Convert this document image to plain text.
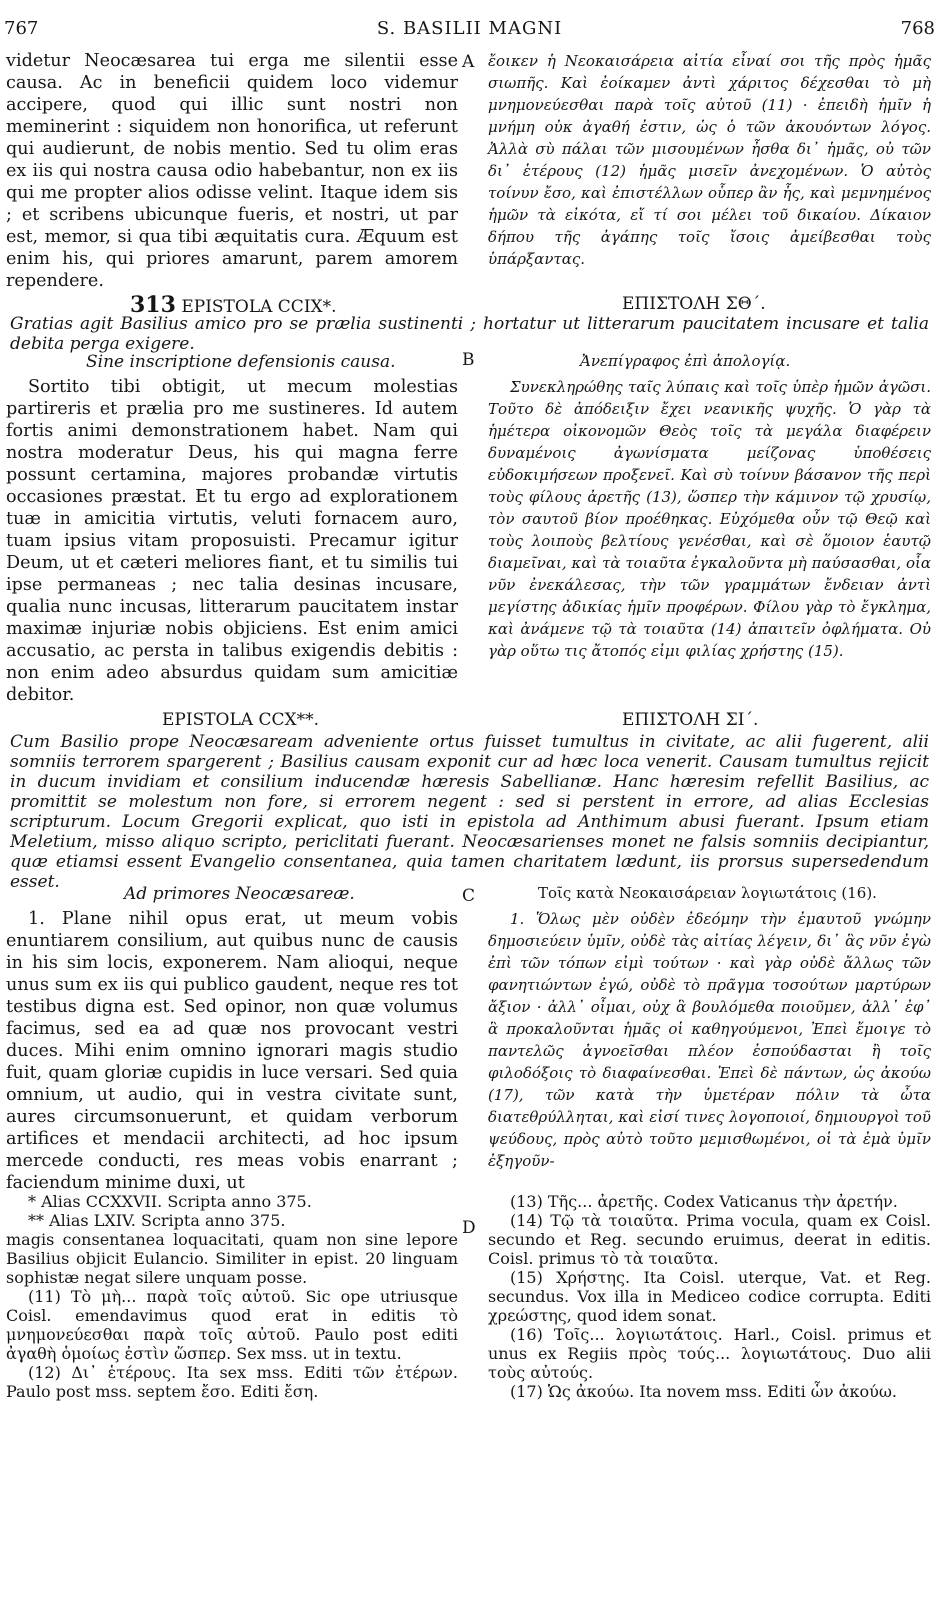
767	S. BASILII MAGNI	768
A
B
C
D

videtur Neocæsarea tui erga me silentii esse causa. Ac in beneficii quidem loco videmur accipere, quod qui illic sunt nostri non meminerint : siquidem non honorifica, ut referunt qui audierunt, de nobis mentio. Sed tu olim eras ex iis qui nostra causa odio habebantur, non ex iis qui me propter alios odisse velint. Itaque idem sis ; et scribens ubicunque fueris, et nostri, ut par est, memor, si qua tibi æquitatis cura. Æquum est enim his, qui priores amarunt, parem amorem rependere.

ἔοικεν ἡ Νεοκαισάρεια αἰτία εἶναί σοι τῆς πρὸς ἡμᾶς σιωπῆς. Καὶ ἐοίκαμεν ἀντὶ χάριτος δέχεσθαι τὸ μὴ μνημονεύεσθαι παρὰ τοῖς αὐτοῦ (11) · ἐπειδὴ ἡμῖν ἡ μνήμη οὐκ ἀγαθή ἐστιν, ὡς ὁ τῶν ἀκουόντων λόγος. Ἀλλὰ σὺ πάλαι τῶν μισουμένων ἦσθα δι᾽ ἡμᾶς, οὐ τῶν δι᾽ ἑτέρους (12) ἡμᾶς μισεῖν ἀνεχομένων. Ὁ αὐτὸς τοίνυν ἔσο, καὶ ἐπιστέλλων οὗπερ ἂν ἧς, καὶ μεμνημένος ἡμῶν τὰ εἰκότα, εἴ τί σοι μέλει τοῦ δικαίου. Δίκαιον δήπου τῆς ἀγάπης τοῖς ἴσοις ἀμείβεσθαι τοὺς ὑπάρξαντας.

313 EPISTOLA CCIX*.	ΕΠΙΣΤΟΛΗ ΣΘ΄.
Gratias agit Basilius amico pro se prælia sustinenti ; hortatur ut litterarum paucitatem incusare et talia debita perga exigere.
Sine inscriptione defensionis causa.	Ἀνεπίγραφος ἐπὶ ἀπολογίᾳ.

Sortito tibi obtigit, ut mecum molestias partireris et prælia pro me sustineres. Id autem fortis animi demonstrationem habet. Nam qui nostra moderatur Deus, his qui magna ferre possunt certamina, majores probandæ virtutis occasiones præstat. Et tu ergo ad explorationem tuæ in amicitia virtutis, veluti fornacem auro, tuam ipsius vitam proposuisti. Precamur igitur Deum, ut et cæteri meliores fiant, et tu similis tui ipse permaneas ; nec talia desinas incusare, qualia nunc incusas, litterarum paucitatem instar maximæ injuriæ nobis objiciens. Est enim amici accusatio, ac persta in talibus exigendis debitis : non enim adeo absurdus quidam sum amicitiæ debitor.

Συνεκληρώθης ταῖς λύπαις καὶ τοῖς ὑπὲρ ἡμῶν ἀγῶσι. Τοῦτο δὲ ἀπόδειξιν ἔχει νεανικῆς ψυχῆς. Ὁ γὰρ τὰ ἡμέτερα οἰκονομῶν Θεὸς τοῖς τὰ μεγάλα διαφέρειν δυναμένοις ἀγωνίσματα μείζονας ὑποθέσεις εὐδοκιμήσεων προξενεῖ. Καὶ σὺ τοίνυν βάσανον τῆς περὶ τοὺς φίλους ἀρετῆς (13), ὥσπερ τὴν κάμινον τῷ χρυσίῳ, τὸν σαυτοῦ βίον προέθηκας. Εὐχόμεθα οὖν τῷ Θεῷ καὶ τοὺς λοιποὺς βελτίους γενέσθαι, καὶ σὲ ὅμοιον ἑαυτῷ διαμεῖναι, καὶ τὰ τοιαῦτα ἐγκαλοῦντα μὴ παύσασθαι, οἷα νῦν ἐνεκάλεσας, τὴν τῶν γραμμάτων ἔνδειαν ἀντὶ μεγίστης ἀδικίας ἡμῖν προφέρων. Φίλου γὰρ τὸ ἔγκλημα, καὶ ἀνάμενε τῷ τὰ τοιαῦτα (14) ἀπαιτεῖν ὀφλήματα. Οὐ γὰρ οὕτω τις ἄτοπός εἰμι φιλίας χρήστης (15).

EPISTOLA CCX**.	ΕΠΙΣΤΟΛΗ ΣΙ΄.
Cum Basilio prope Neocæsaream adveniente ortus fuisset tumultus in civitate, ac alii fugerent, alii somniis terrorem spargerent ; Basilius causam exponit cur ad hæc loca venerit. Causam tumultus rejicit in ducum invidiam et consilium inducendæ hæresis Sabellianæ. Hanc hæresim refellit Basilius, ac promittit se molestum non fore, si errorem negent : sed si perstent in errore, ad alias Ecclesias scripturum. Locum Gregorii explicat, quo isti in epistola ad Anthimum abusi fuerant. Ipsum etiam Meletium, misso aliquo scripto, periclitati fuerant. Neocæsarienses monet ne falsis somniis decipiantur, quæ etiamsi essent Evangelio consentanea, quia tamen charitatem lædunt, iis prorsus supersedendum esset.
Ad primores Neocæsareæ.	Τοῖς κατὰ Νεοκαισάρειαν λογιωτάτοις (16).

1. Plane nihil opus erat, ut meum vobis enuntiarem consilium, aut quibus nunc de causis in his sim locis, exponerem. Nam alioqui, neque unus sum ex iis qui publico gaudent, neque res tot testibus digna est. Sed opinor, non quæ volumus facimus, sed ea ad quæ nos provocant vestri duces. Mihi enim omnino ignorari magis studio fuit, quam gloriæ cupidis in luce versari. Sed quia omnium, ut audio, qui in vestra civitate sunt, aures circumsonuerunt, et quidam verborum artifices et mendacii architecti, ad hoc ipsum mercede conducti, res meas vobis enarrant ; faciendum minime duxi, ut

1. Ὅλως μὲν οὐδὲν ἐδεόμην τὴν ἐμαυτοῦ γνώμην δημοσιεύειν ὑμῖν, οὐδὲ τὰς αἰτίας λέγειν, δι᾽ ἃς νῦν ἐγὼ ἐπὶ τῶν τόπων εἰμὶ τούτων · καὶ γὰρ οὐδὲ ἄλλως τῶν φανητιώντων ἐγώ, οὐδὲ τὸ πρᾶγμα τοσούτων μαρτύρων ἄξιον · ἀλλ᾽ οἶμαι, οὐχ ἃ βουλόμεθα ποιοῦμεν, ἀλλ᾽ ἐφ᾽ ἃ προκαλοῦνται ἡμᾶς οἱ καθηγούμενοι, Ἐπεὶ ἔμοιγε τὸ παντελῶς ἀγνοεῖσθαι πλέον ἐσπούδασται ἢ τοῖς φιλοδόξοις τὸ διαφαίνεσθαι. Ἐπεὶ δὲ πάντων, ὡς ἀκούω (17), τῶν κατὰ τὴν ὑμετέραν πόλιν τὰ ὦτα διατεθρύλληται, καὶ εἰσί τινες λογοποιοί, δημιουργοὶ τοῦ ψεύδους, πρὸς αὐτὸ τοῦτο μεμισθωμένοι, οἱ τὰ ἐμὰ ὑμῖν ἐξηγοῦν-

* Alias CCXXVII. Scripta anno 375.

** Alias LXIV. Scripta anno 375.

magis consentanea loquacitati, quam non sine lepore Basilius objicit Eulancio. Similiter in epist. 20 linguam sophistæ negat silere unquam posse.

(11) Τὸ μὴ... παρὰ τοῖς αὐτοῦ. Sic ope utriusque Coisl. emendavimus quod erat in editis τὸ μνημονεύεσθαι παρὰ τοῖς αὐτοῦ. Paulo post editi ἀγαθὴ ὁμοίως ἐστὶν ὥσπερ. Sex mss. ut in textu.

(12) Δι᾽ ἑτέρους. Ita sex mss. Editi τῶν ἑτέρων. Paulo post mss. septem ἔσο. Editi ἔση.

(13) Τῆς... ἀρετῆς. Codex Vaticanus τὴν ἀρετήν.

(14) Τῷ τὰ τοιαῦτα. Prima vocula, quam ex Coisl. secundo et Reg. secundo eruimus, deerat in editis. Coisl. primus τὸ τὰ τοιαῦτα.

(15) Χρήστης. Ita Coisl. uterque, Vat. et Reg. secundus. Vox illa in Mediceo codice corrupta. Editi χρεώστης, quod idem sonat.

(16) Τοῖς... λογιωτάτοις. Harl., Coisl. primus et unus ex Regiis πρὸς τούς... λογιωτάτους. Duo alii τοὺς αὐτούς.

(17) Ὡς ἀκούω. Ita novem mss. Editi ὧν ἀκούω.
